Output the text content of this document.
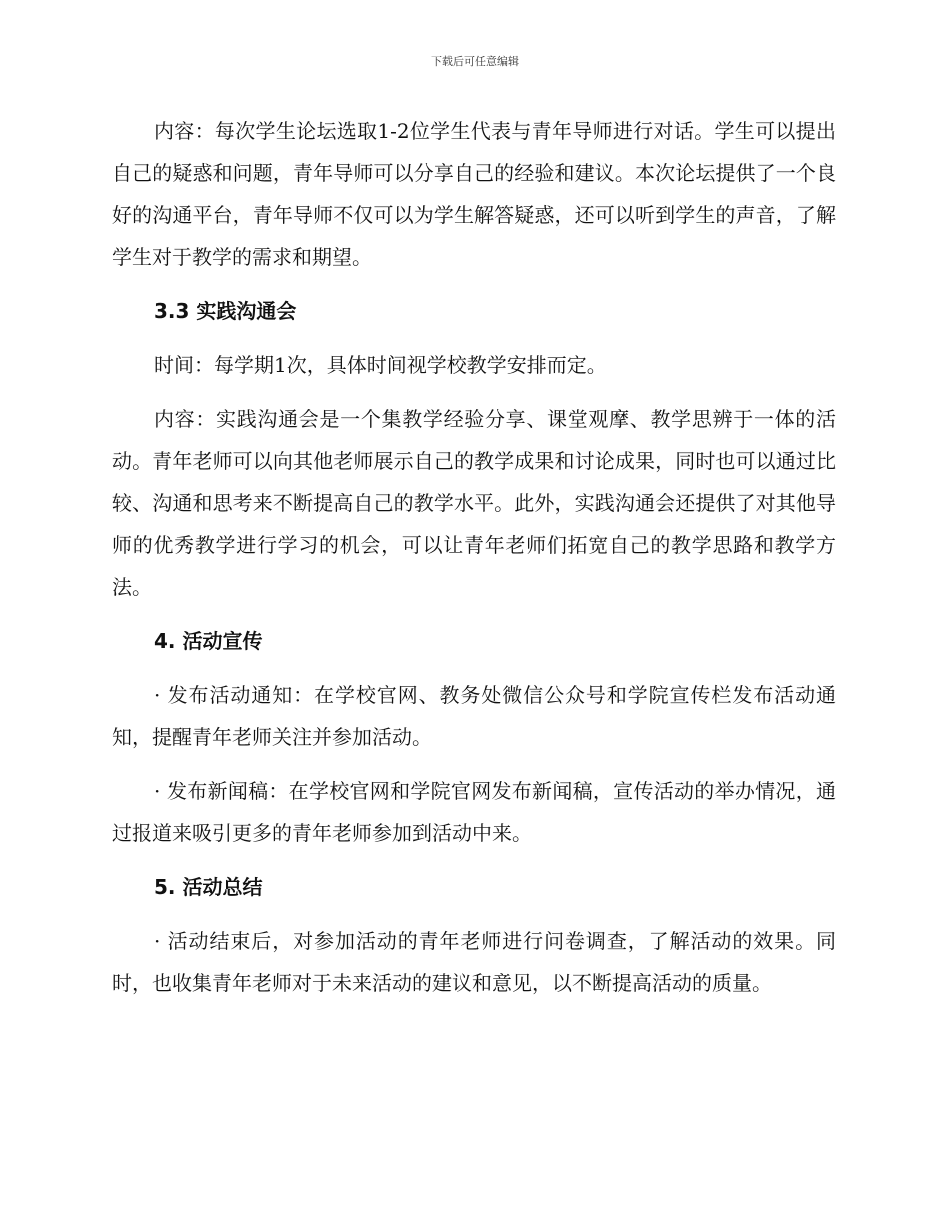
下载后可任意编辑

内容：每次学生论坛选取1-2位学生代表与青年导师进行对话。学生可以提出自己的疑惑和问题，青年导师可以分享自己的经验和建议。本次论坛提供了一个良好的沟通平台，青年导师不仅可以为学生解答疑惑，还可以听到学生的声音，了解学生对于教学的需求和期望。

3.3 实践沟通会

时间：每学期1次，具体时间视学校教学安排而定。

内容：实践沟通会是一个集教学经验分享、课堂观摩、教学思辨于一体的活动。青年老师可以向其他老师展示自己的教学成果和讨论成果，同时也可以通过比较、沟通和思考来不断提高自己的教学水平。此外，实践沟通会还提供了对其他导师的优秀教学进行学习的机会，可以让青年老师们拓宽自己的教学思路和教学方法。

4. 活动宣传

· 发布活动通知：在学校官网、教务处微信公众号和学院宣传栏发布活动通知，提醒青年老师关注并参加活动。

· 发布新闻稿：在学校官网和学院官网发布新闻稿，宣传活动的举办情况，通过报道来吸引更多的青年老师参加到活动中来。

5. 活动总结

· 活动结束后，对参加活动的青年老师进行问卷调查，了解活动的效果。同时，也收集青年老师对于未来活动的建议和意见，以不断提高活动的质量。
